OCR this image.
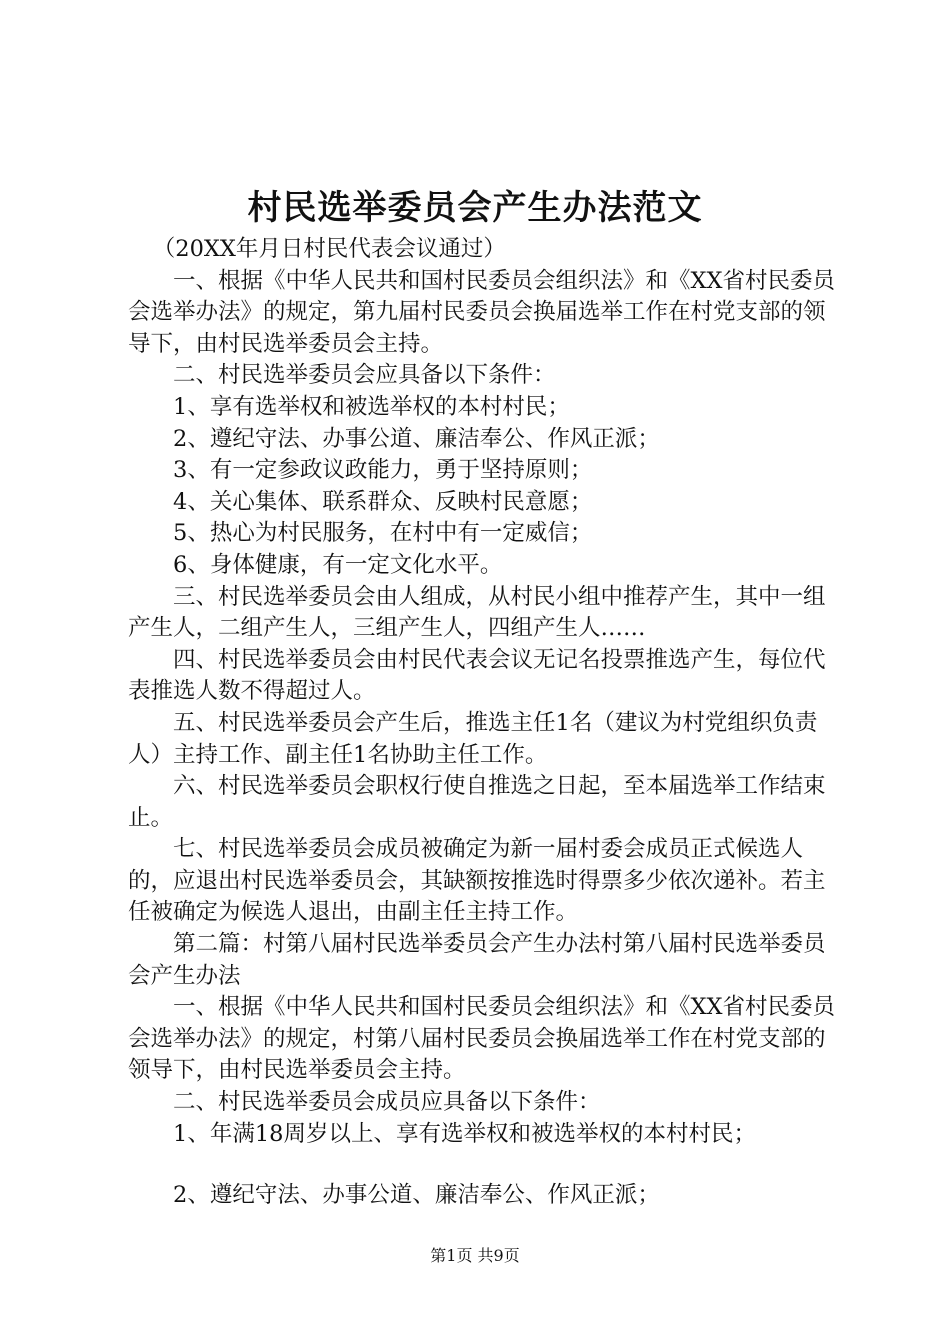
村民选举委员会产生办法范文

（20XX年月日村民代表会议通过）

一、根据《中华人民共和国村民委员会组织法》和《XX省村民委员会选举办法》的规定，第九届村民委员会换届选举工作在村党支部的领导下，由村民选举委员会主持。

二、村民选举委员会应具备以下条件：

1、享有选举权和被选举权的本村村民；

2、遵纪守法、办事公道、廉洁奉公、作风正派；

3、有一定参政议政能力，勇于坚持原则；

4、关心集体、联系群众、反映村民意愿；

5、热心为村民服务，在村中有一定威信；

6、身体健康，有一定文化水平。

三、村民选举委员会由人组成，从村民小组中推荐产生，其中一组产生人，二组产生人，三组产生人，四组产生人……

四、村民选举委员会由村民代表会议无记名投票推选产生，每位代表推选人数不得超过人。

五、村民选举委员会产生后，推选主任1名（建议为村党组织负责人）主持工作、副主任1名协助主任工作。

六、村民选举委员会职权行使自推选之日起，至本届选举工作结束止。

七、村民选举委员会成员被确定为新一届村委会成员正式候选人的，应退出村民选举委员会，其缺额按推选时得票多少依次递补。若主任被确定为候选人退出，由副主任主持工作。

第二篇：村第八届村民选举委员会产生办法村第八届村民选举委员会产生办法

一、根据《中华人民共和国村民委员会组织法》和《XX省村民委员会选举办法》的规定，村第八届村民委员会换届选举工作在村党支部的领导下，由村民选举委员会主持。

二、村民选举委员会成员应具备以下条件：

1、年满18周岁以上、享有选举权和被选举权的本村村民；

2、遵纪守法、办事公道、廉洁奉公、作风正派；

第1页 共9页
